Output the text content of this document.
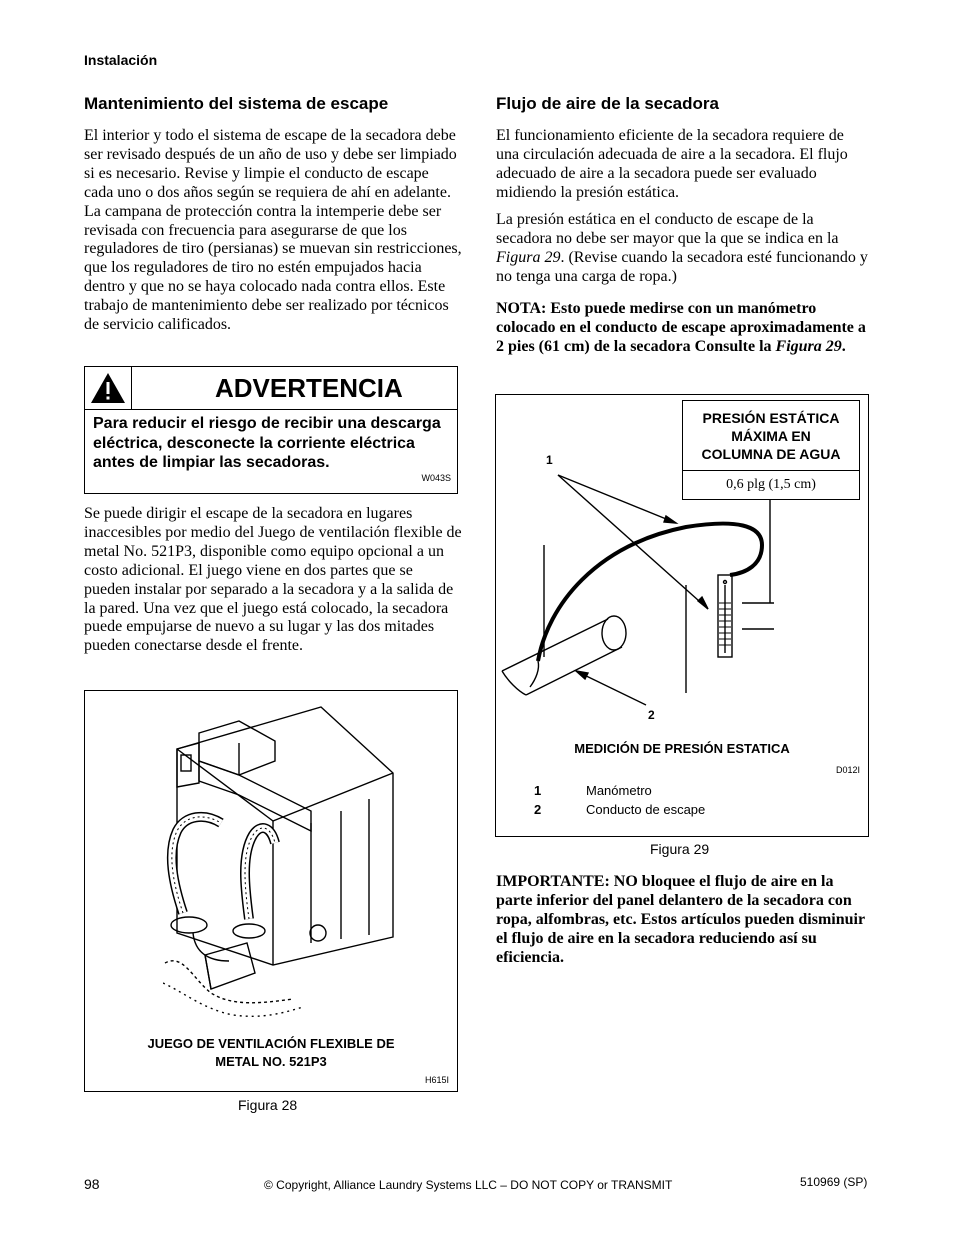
Instalación
Mantenimiento del sistema de escape

El interior y todo el sistema de escape de la secadora debe ser revisado después de un año de uso y debe ser limpiado si es necesario. Revise y limpie el conducto de escape cada uno o dos años según se requiera de ahí en adelante. La campana de protección contra la intemperie debe ser revisada con frecuencia para asegurarse de que los reguladores de tiro (persianas) se muevan sin restricciones, que los reguladores de tiro no estén empujados hacia dentro y que no se haya colocado nada contra ellos. Este trabajo de mantenimiento debe ser realizado por técnicos de servicio calificados.

ADVERTENCIA
Para reducir el riesgo de recibir una descarga eléctrica, desconecte la corriente eléctrica antes de limpiar las secadoras.
W043S

Se puede dirigir el escape de la secadora en lugares inaccesibles por medio del Juego de ventilación flexible de metal No. 521P3, disponible como equipo opcional a un costo adicional. El juego viene en dos partes que se pueden instalar por separado a la secadora y a la salida de la pared. Una vez que el juego está colocado, la secadora puede empujarse de nuevo a su lugar y las dos mitades pueden conectarse desde el frente.

JUEGO DE VENTILACIÓN FLEXIBLE DE
METAL NO. 521P3
H615I
Figura 28
Flujo de aire de la secadora

El funcionamiento eficiente de la secadora requiere de una circulación adecuada de aire a la secadora. El flujo adecuado de aire a la secadora puede ser evaluado midiendo la presión estática.

La presión estática en el conducto de escape de la secadora no debe ser mayor que la que se indica en la Figura 29. (Revise cuando la secadora esté funcionando y no tenga una carga de ropa.)

NOTA: Esto puede medirse con un manómetro colocado en el conducto de escape aproximadamente a 2 pies (61 cm) de la secadora Consulte la Figura 29.

PRESIÓN ESTÁTICA
MÁXIMA EN
COLUMNA DE AGUA
0,6 plg (1,5 cm)
1
2
MEDICIÓN DE PRESIÓN ESTATICA
D012I
1	Manómetro
2	Conducto de escape
Figura 29

IMPORTANTE: NO bloquee el flujo de aire en la parte inferior del panel delantero de la secadora con ropa, alfombras, etc. Estos artículos pueden disminuir el flujo de aire en la secadora reduciendo así su eficiencia.

98	© Copyright, Alliance Laundry Systems LLC – DO NOT COPY or TRANSMIT	510969 (SP)
